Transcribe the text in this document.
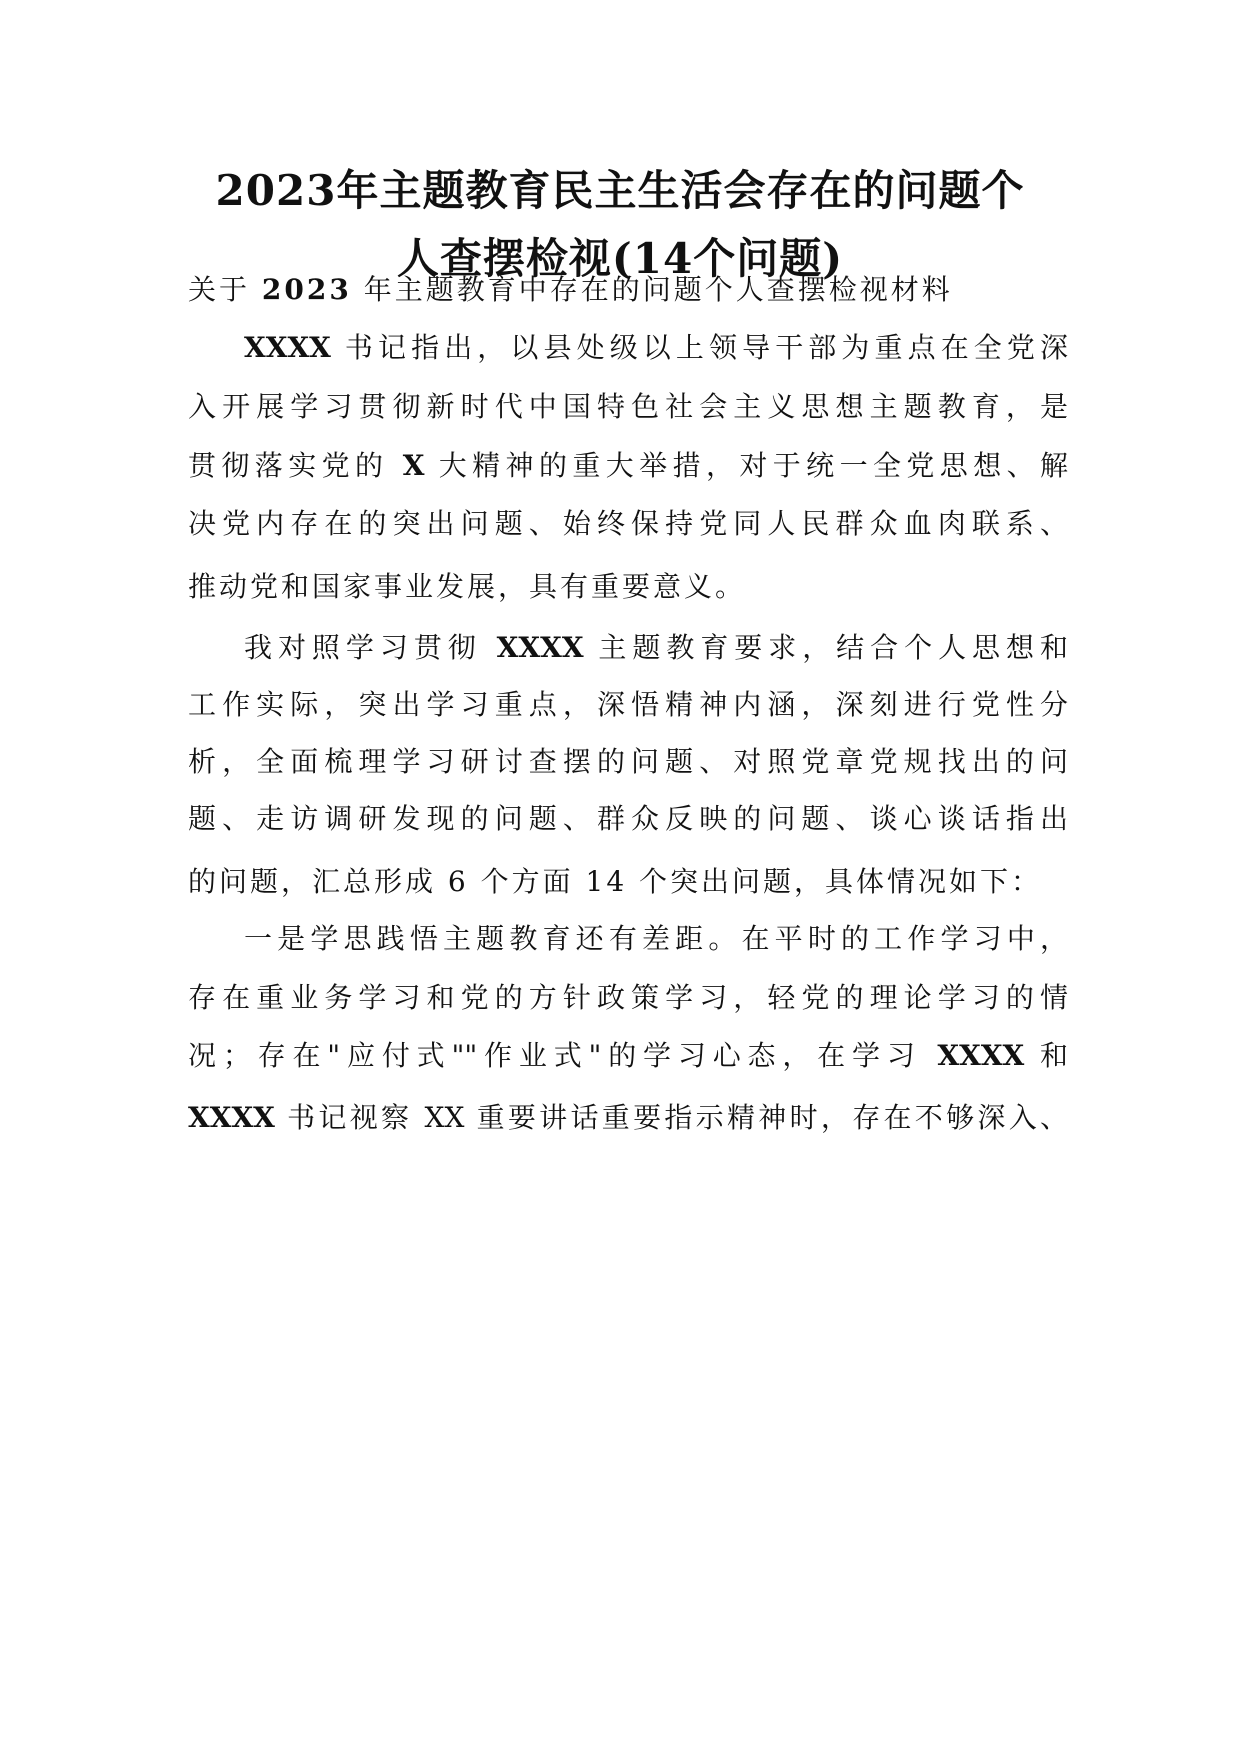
2023年主题教育民主生活会存在的问题个
人查摆检视(14个问题)
关于 2023 年主题教育中存在的问题个人查摆检视材料
XXXX 书记指出，以县处级以上领导干部为重点在全党深
入开展学习贯彻新时代中国特色社会主义思想主题教育，是
贯彻落实党的 X 大精神的重大举措，对于统一全党思想、解
决党内存在的突出问题、始终保持党同人民群众血肉联系、
推动党和国家事业发展，具有重要意义。
我对照学习贯彻 XXXX 主题教育要求，结合个人思想和
工作实际，突出学习重点，深悟精神内涵，深刻进行党性分
析，全面梳理学习研讨查摆的问题、对照党章党规找出的问
题、走访调研发现的问题、群众反映的问题、谈心谈话指出
的问题，汇总形成 6 个方面 14 个突出问题，具体情况如下：
一是学思践悟主题教育还有差距。在平时的工作学习中，
存在重业务学习和党的方针政策学习，轻党的理论学习的情
况；存在"应付式""作业式"的学习心态，在学习 XXXX 和
XXXX 书记视察 XX 重要讲话重要指示精神时，存在不够深入、
